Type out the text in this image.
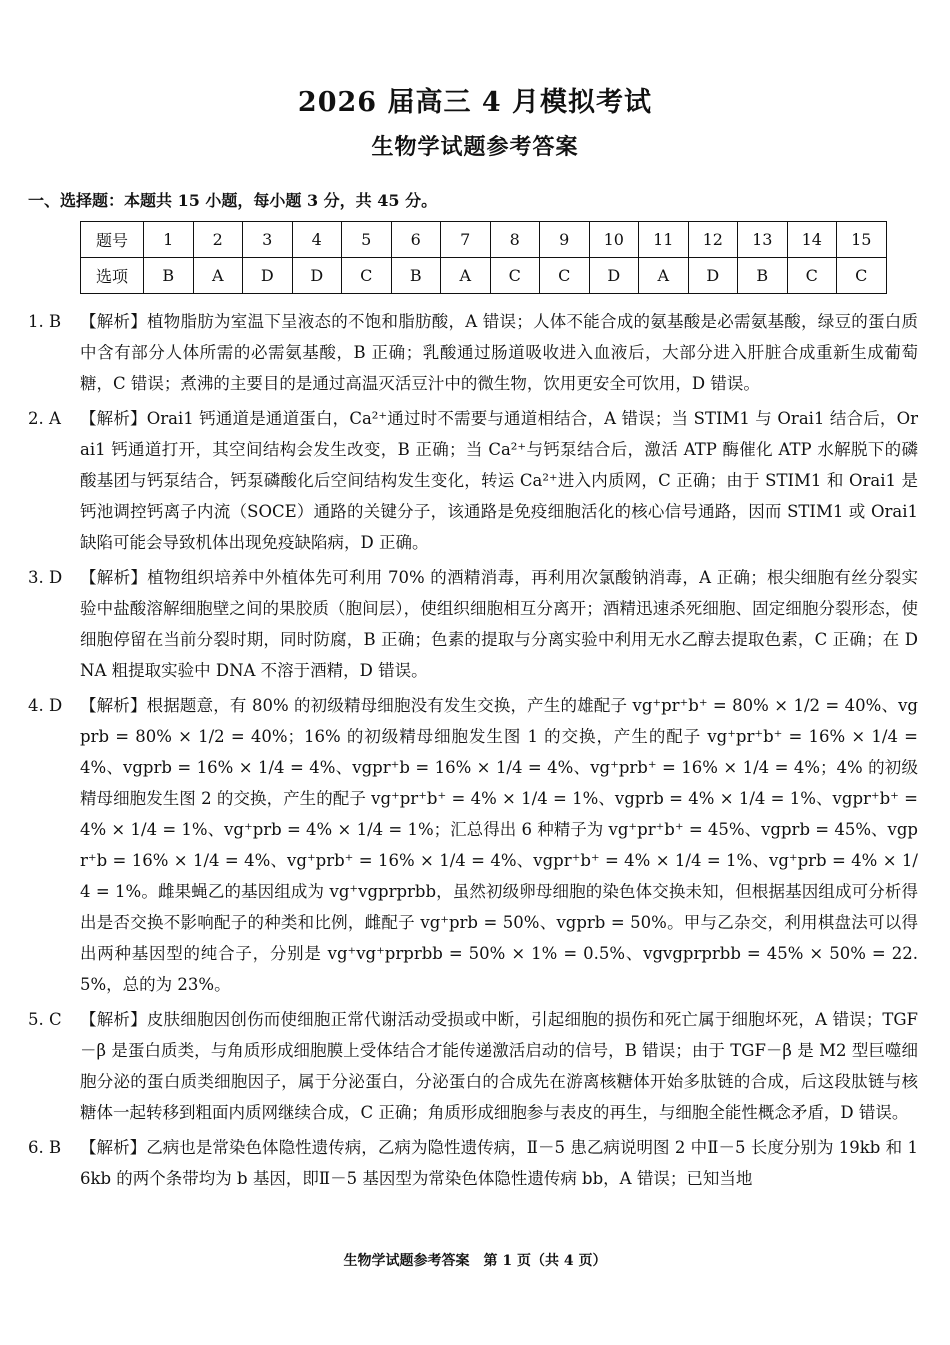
2026 届高三 4 月模拟考试
生物学试题参考答案
一、选择题：本题共 15 小题，每小题 3 分，共 45 分。
题号	1	2	3	4	5	6	7	8	9	10	11	12	13	14	15
选项	B	A	D	D	C	B	A	C	C	D	A	D	B	C	C
1. B 【解析】植物脂肪为室温下呈液态的不饱和脂肪酸，A 错误；人体不能合成的氨基酸是必需氨基酸，绿豆的蛋白质中含有部分人体所需的必需氨基酸，B 正确；乳酸通过肠道吸收进入血液后，大部分进入肝脏合成重新生成葡萄糖，C 错误；煮沸的主要目的是通过高温灭活豆汁中的微生物，饮用更安全可饮用，D 错误。
2. A 【解析】Orai1 钙通道是通道蛋白，Ca²⁺通过时不需要与通道相结合，A 错误；当 STIM1 与 Orai1 结合后，Orai1 钙通道打开，其空间结构会发生改变，B 正确；当 Ca²⁺与钙泵结合后，激活 ATP 酶催化 ATP 水解脱下的磷酸基团与钙泵结合，钙泵磷酸化后空间结构发生变化，转运 Ca²⁺进入内质网，C 正确；由于 STIM1 和 Orai1 是钙池调控钙离子内流（SOCE）通路的关键分子，该通路是免疫细胞活化的核心信号通路，因而 STIM1 或 Orai1 缺陷可能会导致机体出现免疫缺陷病，D 正确。
3. D 【解析】植物组织培养中外植体先可利用 70% 的酒精消毒，再利用次氯酸钠消毒，A 正确；根尖细胞有丝分裂实验中盐酸溶解细胞壁之间的果胶质（胞间层），使组织细胞相互分离开；酒精迅速杀死细胞、固定细胞分裂形态，使细胞停留在当前分裂时期，同时防腐，B 正确；色素的提取与分离实验中利用无水乙醇去提取色素，C 正确；在 DNA 粗提取实验中 DNA 不溶于酒精，D 错误。
4. D 【解析】根据题意，有 80% 的初级精母细胞没有发生交换，产生的雄配子 vg⁺pr⁺b⁺ = 80% × 1/2 = 40%、vgprb = 80% × 1/2 = 40%；16% 的初级精母细胞发生图 1 的交换，产生的配子 vg⁺pr⁺b⁺ = 16% × 1/4 = 4%、vgprb = 16% × 1/4 = 4%、vgpr⁺b = 16% × 1/4 = 4%、vg⁺prb⁺ = 16% × 1/4 = 4%；4% 的初级精母细胞发生图 2 的交换，产生的配子 vg⁺pr⁺b⁺ = 4% × 1/4 = 1%、vgprb = 4% × 1/4 = 1%、vgpr⁺b⁺ = 4% × 1/4 = 1%、vg⁺prb = 4% × 1/4 = 1%；汇总得出 6 种精子为 vg⁺pr⁺b⁺ = 45%、vgprb = 45%、vgpr⁺b = 16% × 1/4 = 4%、vg⁺prb⁺ = 16% × 1/4 = 4%、vgpr⁺b⁺ = 4% × 1/4 = 1%、vg⁺prb = 4% × 1/4 = 1%。雌果蝇乙的基因组成为 vg⁺vgprprbb，虽然初级卵母细胞的染色体交换未知，但根据基因组成可分析得出是否交换不影响配子的种类和比例，雌配子 vg⁺prb = 50%、vgprb = 50%。甲与乙杂交，利用棋盘法可以得出两种基因型的纯合子，分别是 vg⁺vg⁺prprbb = 50% × 1% = 0.5%、vgvgprprbb = 45% × 50% = 22.5%，总的为 23%。
5. C 【解析】皮肤细胞因创伤而使细胞正常代谢活动受损或中断，引起细胞的损伤和死亡属于细胞坏死，A 错误；TGF－β 是蛋白质类，与角质形成细胞膜上受体结合才能传递激活启动的信号，B 错误；由于 TGF－β 是 M2 型巨噬细胞分泌的蛋白质类细胞因子，属于分泌蛋白，分泌蛋白的合成先在游离核糖体开始多肽链的合成，后这段肽链与核糖体一起转移到粗面内质网继续合成，C 正确；角质形成细胞参与表皮的再生，与细胞全能性概念矛盾，D 错误。
6. B 【解析】乙病也是常染色体隐性遗传病，乙病为隐性遗传病，Ⅱ－5 患乙病说明图 2 中Ⅱ－5 长度分别为 19kb 和 16kb 的两个条带均为 b 基因，即Ⅱ－5 基因型为常染色体隐性遗传病 bb，A 错误；已知当地
生物学试题参考答案　第 1 页（共 4 页）
